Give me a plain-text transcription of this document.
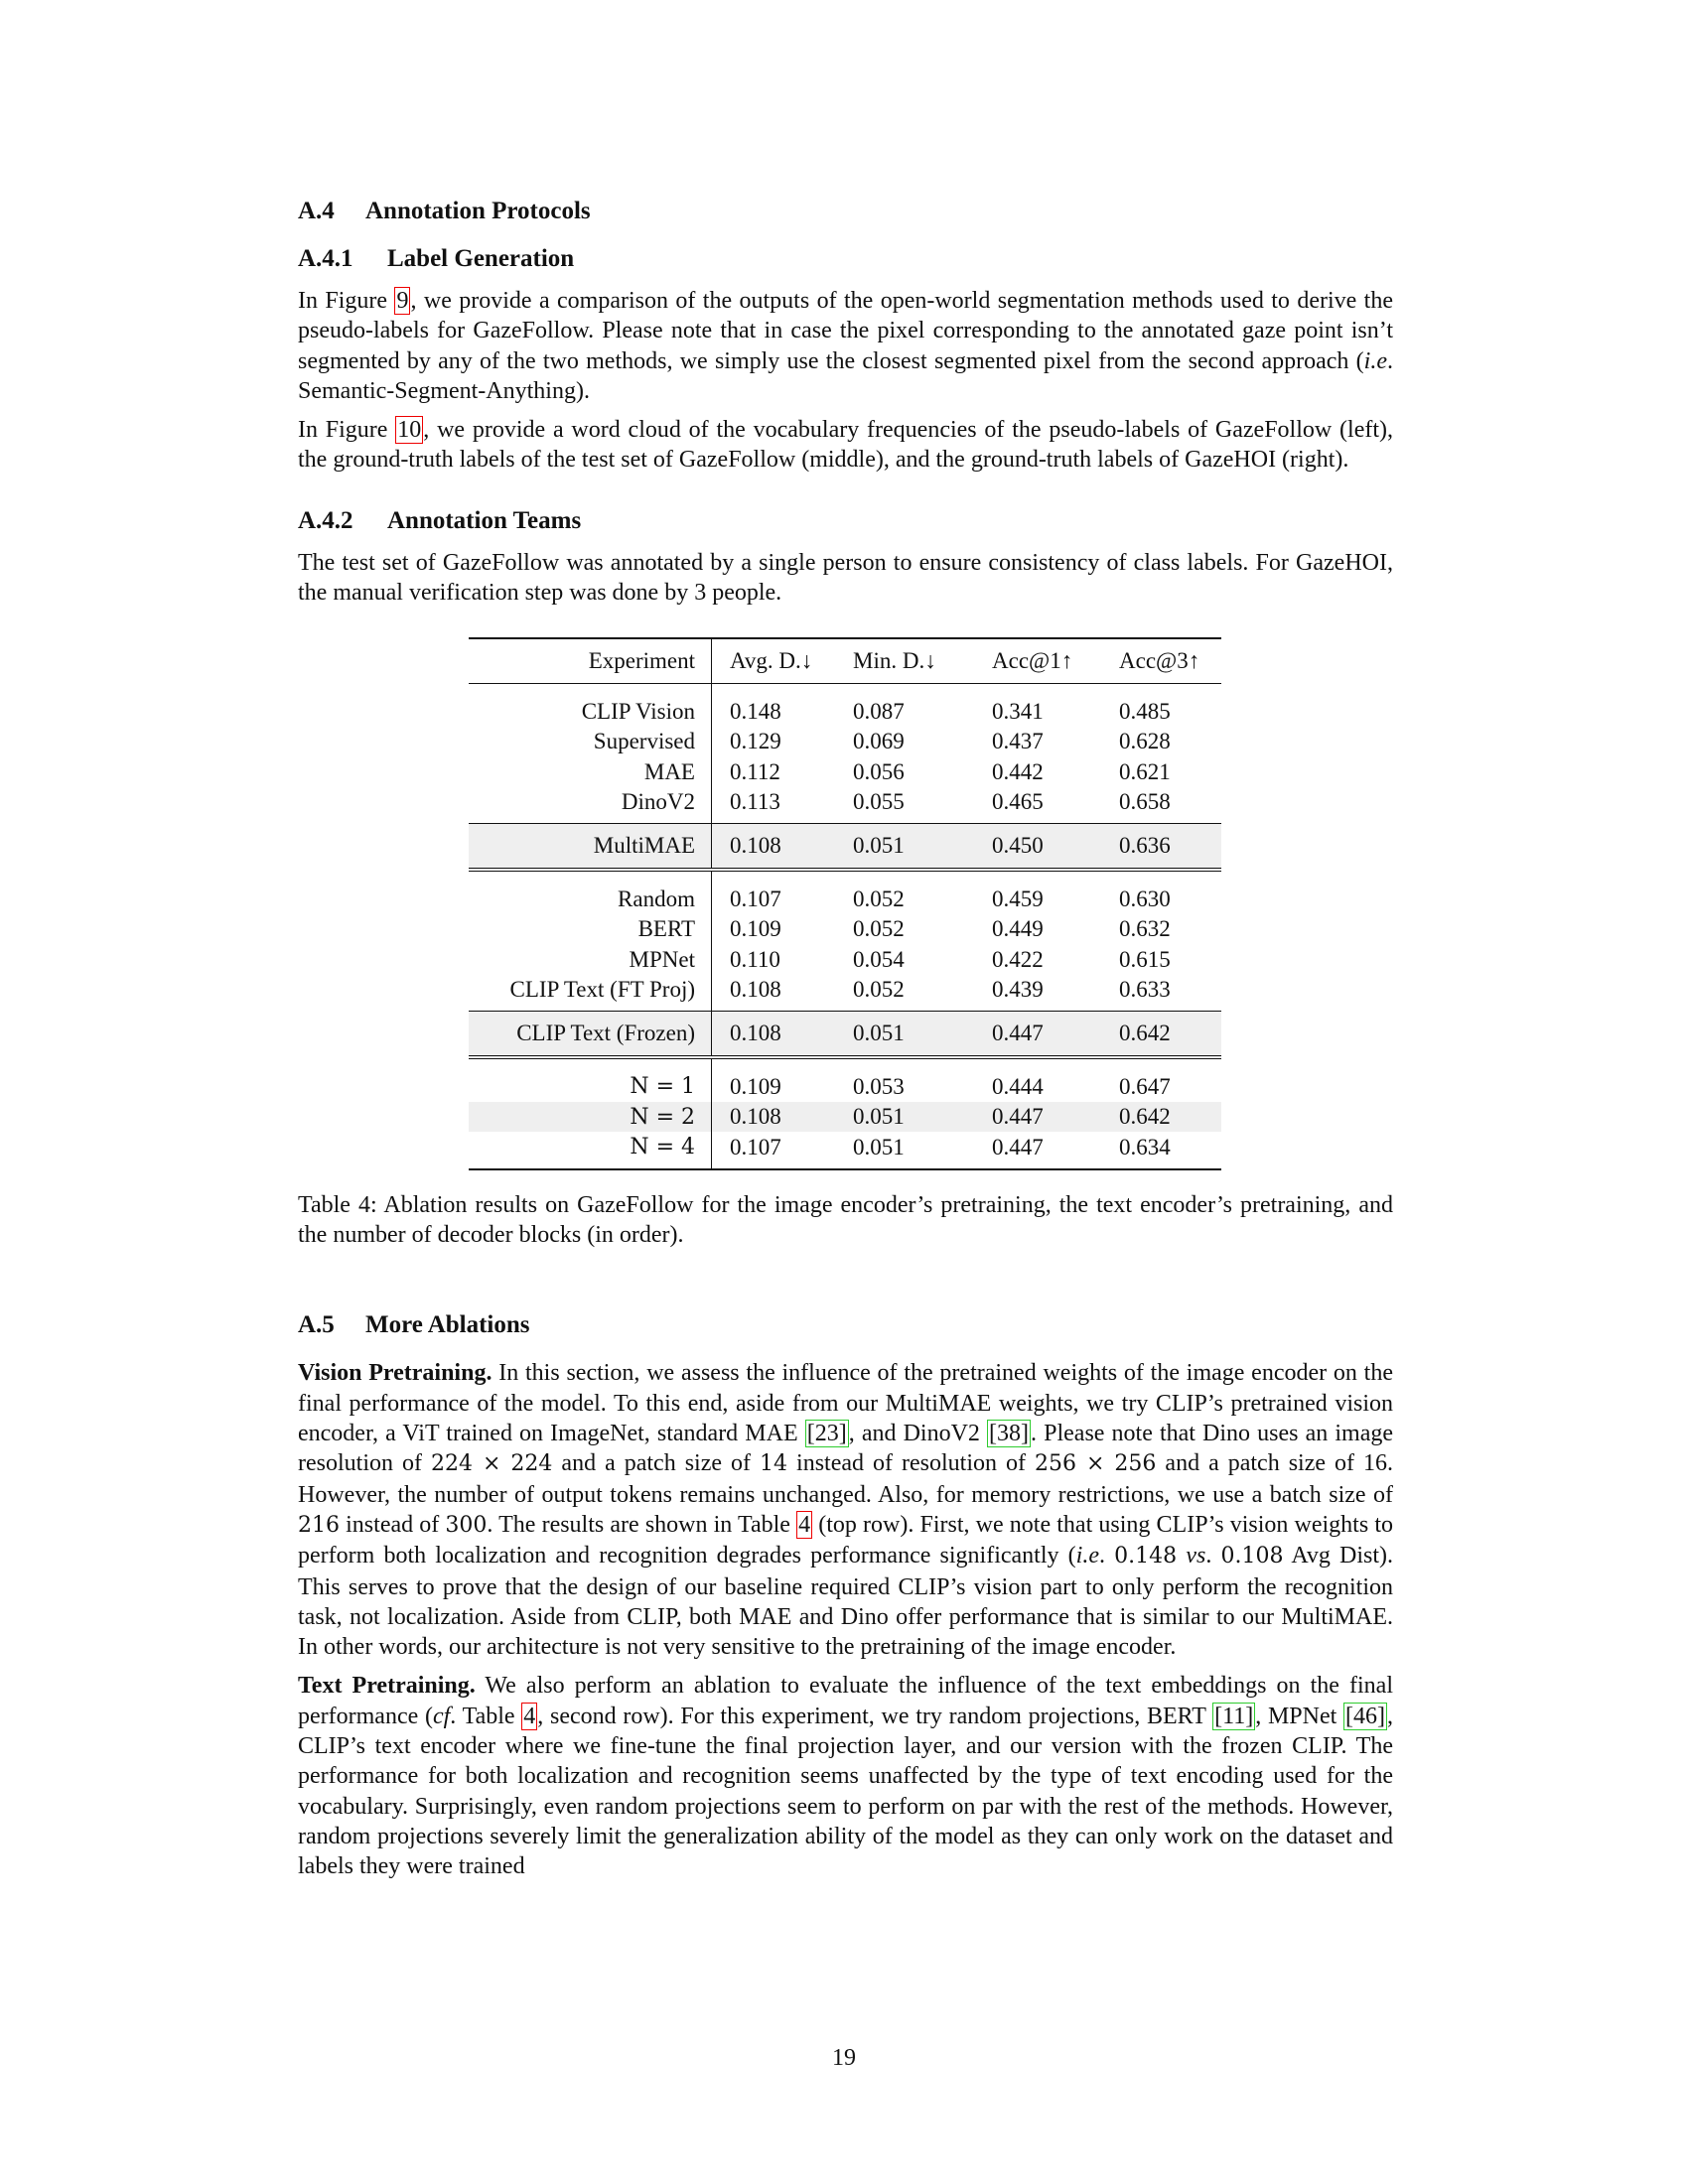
A.4 Annotation Protocols
A.4.1 Label Generation

In Figure 9, we provide a comparison of the outputs of the open-world segmentation methods used to derive the pseudo-labels for GazeFollow. Please note that in case the pixel corresponding to the annotated gaze point isn’t segmented by any of the two methods, we simply use the closest segmented pixel from the second approach (i.e. Semantic-Segment-Anything).

In Figure 10, we provide a word cloud of the vocabulary frequencies of the pseudo-labels of GazeFollow (left), the ground-truth labels of the test set of GazeFollow (middle), and the ground-truth labels of GazeHOI (right).

A.4.2 Annotation Teams

The test set of GazeFollow was annotated by a single person to ensure consistency of class labels. For GazeHOI, the manual verification step was done by 3 people.

Experiment	Avg. D.↓	Min. D.↓	Acc@1↑	Acc@3↑
CLIP Vision	0.148	0.087	0.341	0.485
Supervised	0.129	0.069	0.437	0.628
MAE	0.112	0.056	0.442	0.621
DinoV2	0.113	0.055	0.465	0.658
MultiMAE	0.108	0.051	0.450	0.636
Random	0.107	0.052	0.459	0.630
BERT	0.109	0.052	0.449	0.632
MPNet	0.110	0.054	0.422	0.615
CLIP Text (FT Proj)	0.108	0.052	0.439	0.633
CLIP Text (Frozen)	0.108	0.051	0.447	0.642
N = 1	0.109	0.053	0.444	0.647
N = 2	0.108	0.051	0.447	0.642
N = 4	0.107	0.051	0.447	0.634

Table 4: Ablation results on GazeFollow for the image encoder’s pretraining, the text encoder’s pretraining, and the number of decoder blocks (in order).

A.5 More Ablations

Vision Pretraining. In this section, we assess the influence of the pretrained weights of the image encoder on the final performance of the model. To this end, aside from our MultiMAE weights, we try CLIP’s pretrained vision encoder, a ViT trained on ImageNet, standard MAE [23], and DinoV2 [38]. Please note that Dino uses an image resolution of 224 × 224 and a patch size of 14 instead of resolution of 256 × 256 and a patch size of 16. However, the number of output tokens remains unchanged. Also, for memory restrictions, we use a batch size of 216 instead of 300. The results are shown in Table 4 (top row). First, we note that using CLIP’s vision weights to perform both localization and recognition degrades performance significantly (i.e. 0.148 vs. 0.108 Avg Dist). This serves to prove that the design of our baseline required CLIP’s vision part to only perform the recognition task, not localization. Aside from CLIP, both MAE and Dino offer performance that is similar to our MultiMAE. In other words, our architecture is not very sensitive to the pretraining of the image encoder.

Text Pretraining. We also perform an ablation to evaluate the influence of the text embeddings on the final performance (cf. Table 4, second row). For this experiment, we try random projections, BERT [11], MPNet [46], CLIP’s text encoder where we fine-tune the final projection layer, and our version with the frozen CLIP. The performance for both localization and recognition seems unaffected by the type of text encoding used for the vocabulary. Surprisingly, even random projections seem to perform on par with the rest of the methods. However, random projections severely limit the generalization ability of the model as they can only work on the dataset and labels they were trained

19
